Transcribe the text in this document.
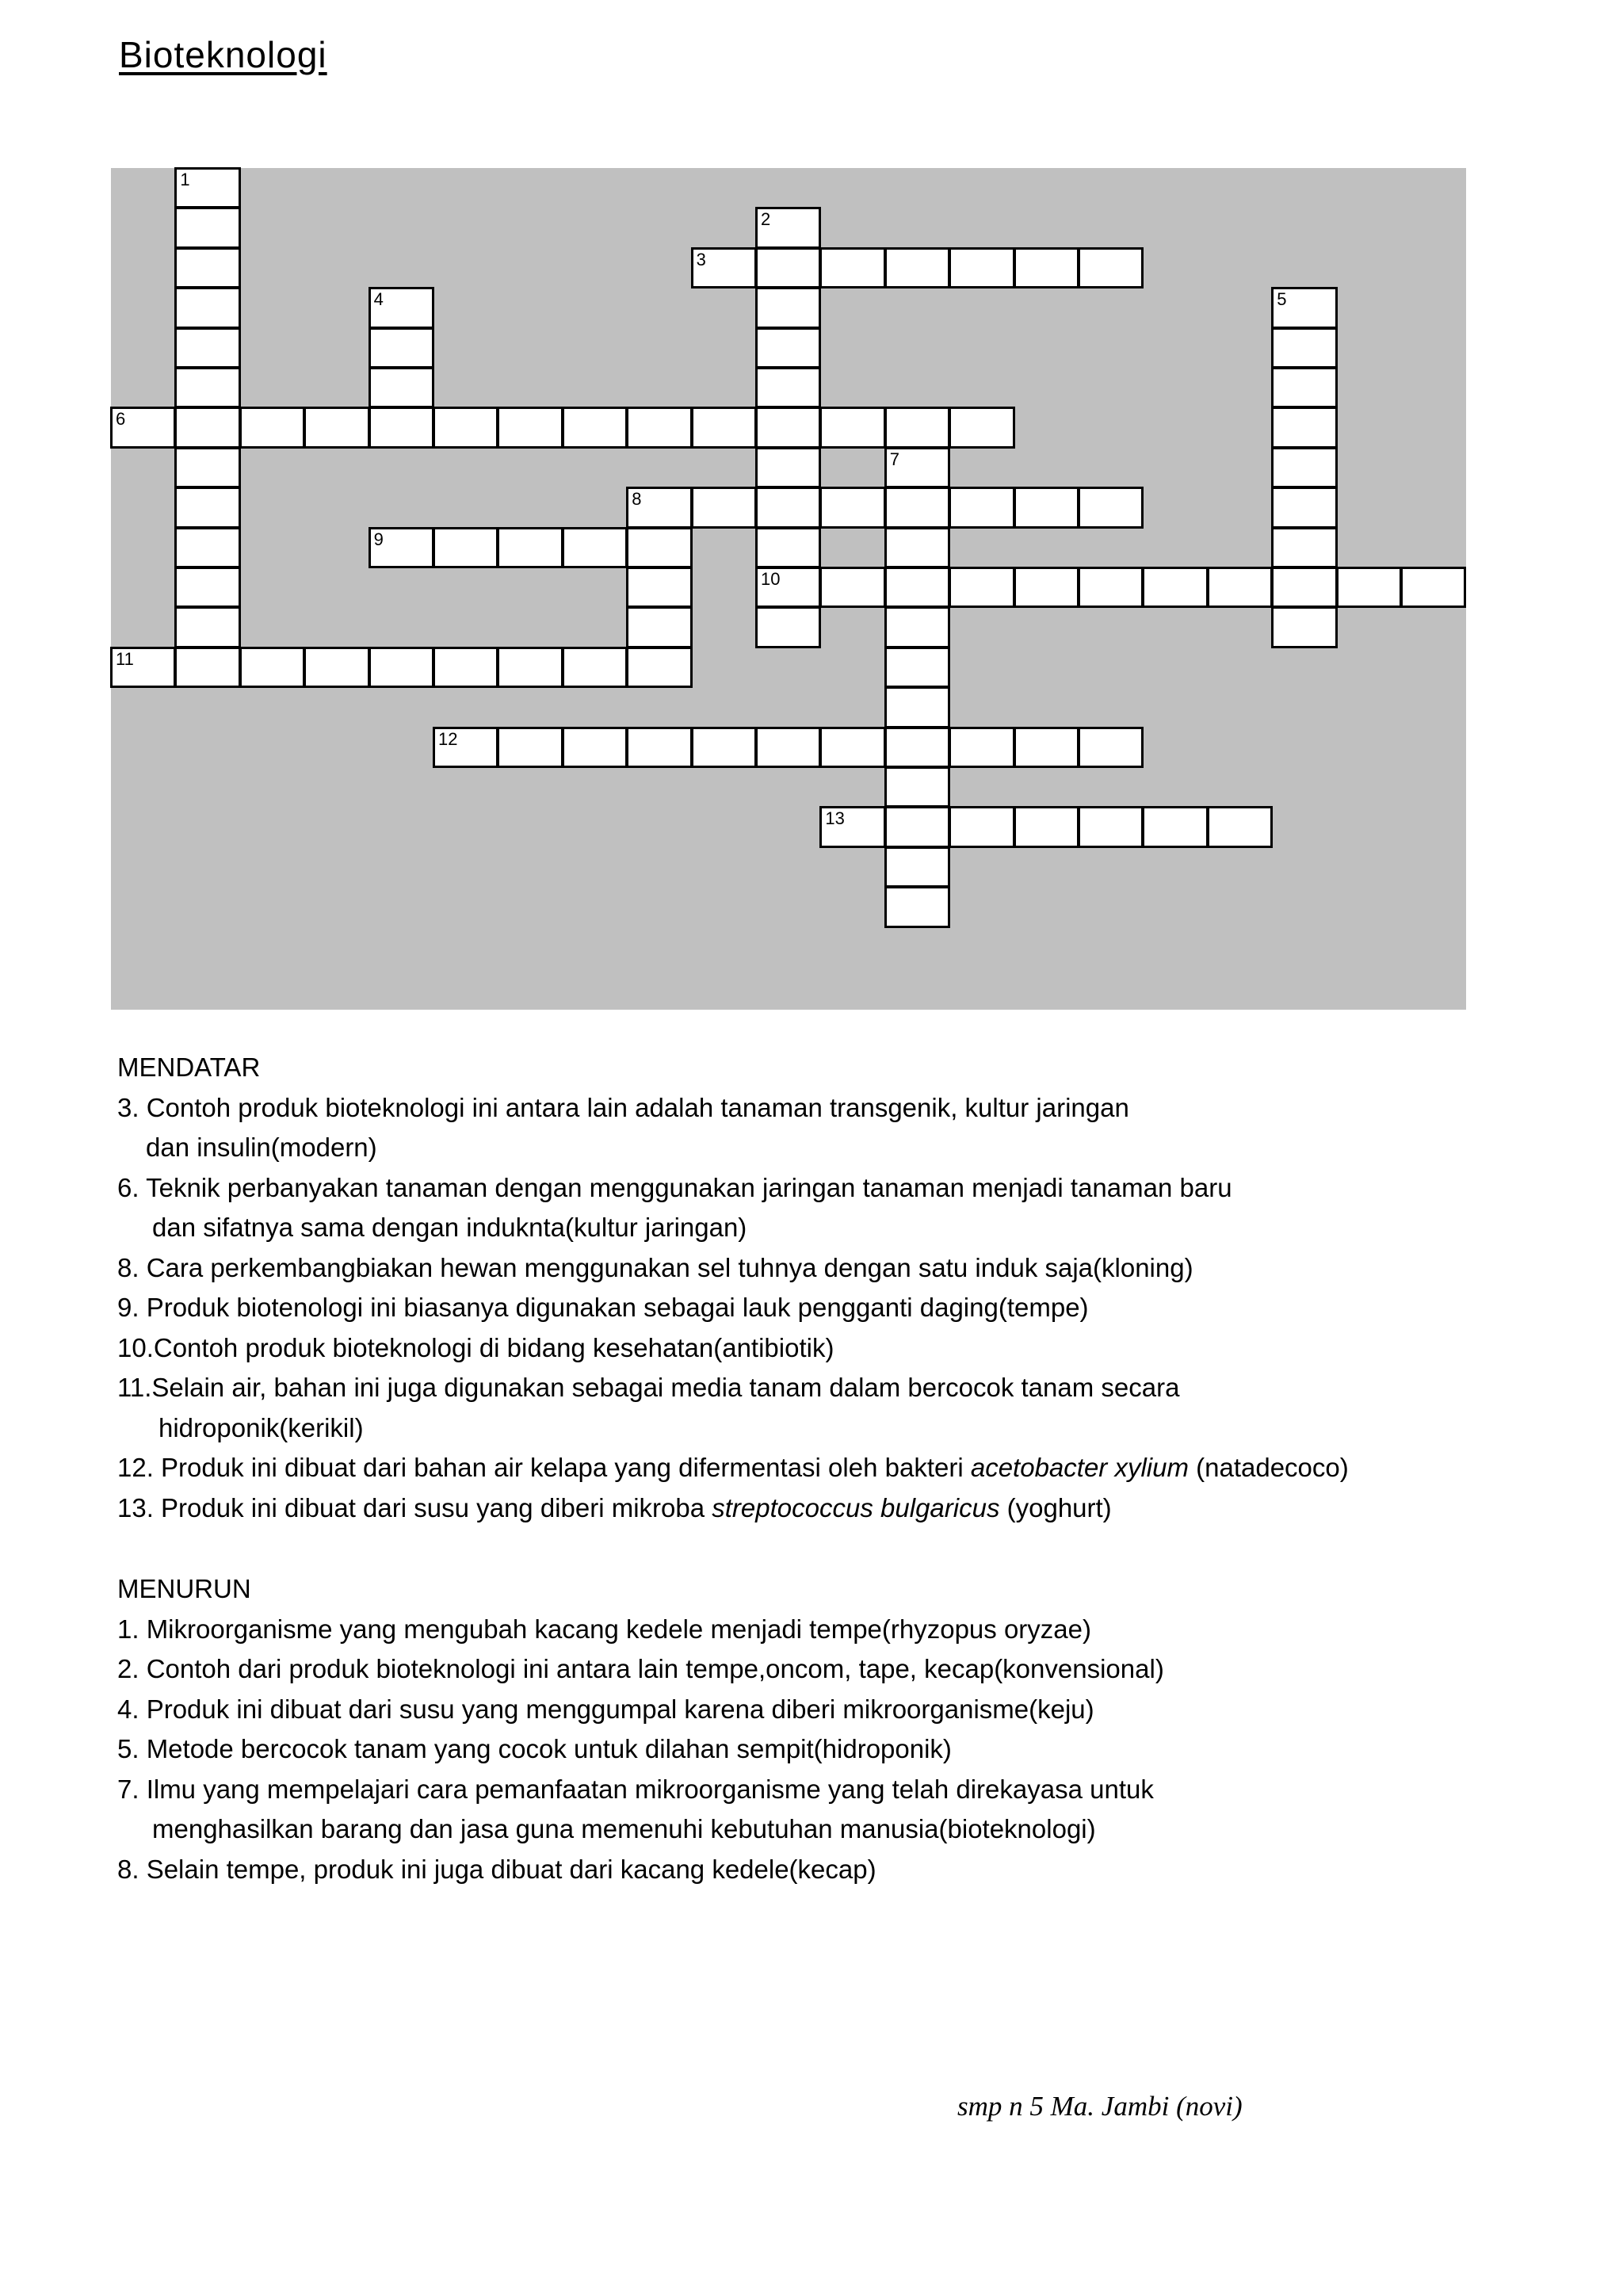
Bioteknologi
1
2
10
3
4	5
6
7
8
9
11
12
13
MENDATAR
3. Contoh produk bioteknologi ini antara lain adalah tanaman transgenik, kultur jaringan
dan insulin(modern)
6. Teknik perbanyakan tanaman dengan menggunakan jaringan tanaman menjadi tanaman baru
dan sifatnya sama dengan induknta(kultur jaringan)
8. Cara perkembangbiakan hewan menggunakan sel tuhnya dengan satu induk saja(kloning)
9. Produk biotenologi ini biasanya digunakan sebagai lauk pengganti daging(tempe)
10.Contoh produk bioteknologi di bidang kesehatan(antibiotik)
11.Selain air, bahan ini juga digunakan sebagai media tanam dalam bercocok tanam secara
hidroponik(kerikil)
12. Produk ini dibuat dari bahan air kelapa yang difermentasi oleh bakteri acetobacter xylium (natadecoco)
13. Produk ini dibuat dari susu yang diberi mikroba streptococcus bulgaricus (yoghurt)
MENURUN
1. Mikroorganisme yang mengubah kacang kedele menjadi tempe(rhyzopus oryzae)
2. Contoh dari produk bioteknologi ini antara lain tempe,oncom, tape, kecap(konvensional)
4. Produk ini dibuat dari susu yang menggumpal karena diberi mikroorganisme(keju)
5. Metode bercocok tanam yang cocok untuk dilahan sempit(hidroponik)
7. Ilmu yang mempelajari cara pemanfaatan mikroorganisme yang telah direkayasa untuk
menghasilkan barang dan jasa guna memenuhi kebutuhan manusia(bioteknologi)
8. Selain tempe, produk ini juga dibuat dari kacang kedele(kecap)
smp n 5 Ma. Jambi (novi)
